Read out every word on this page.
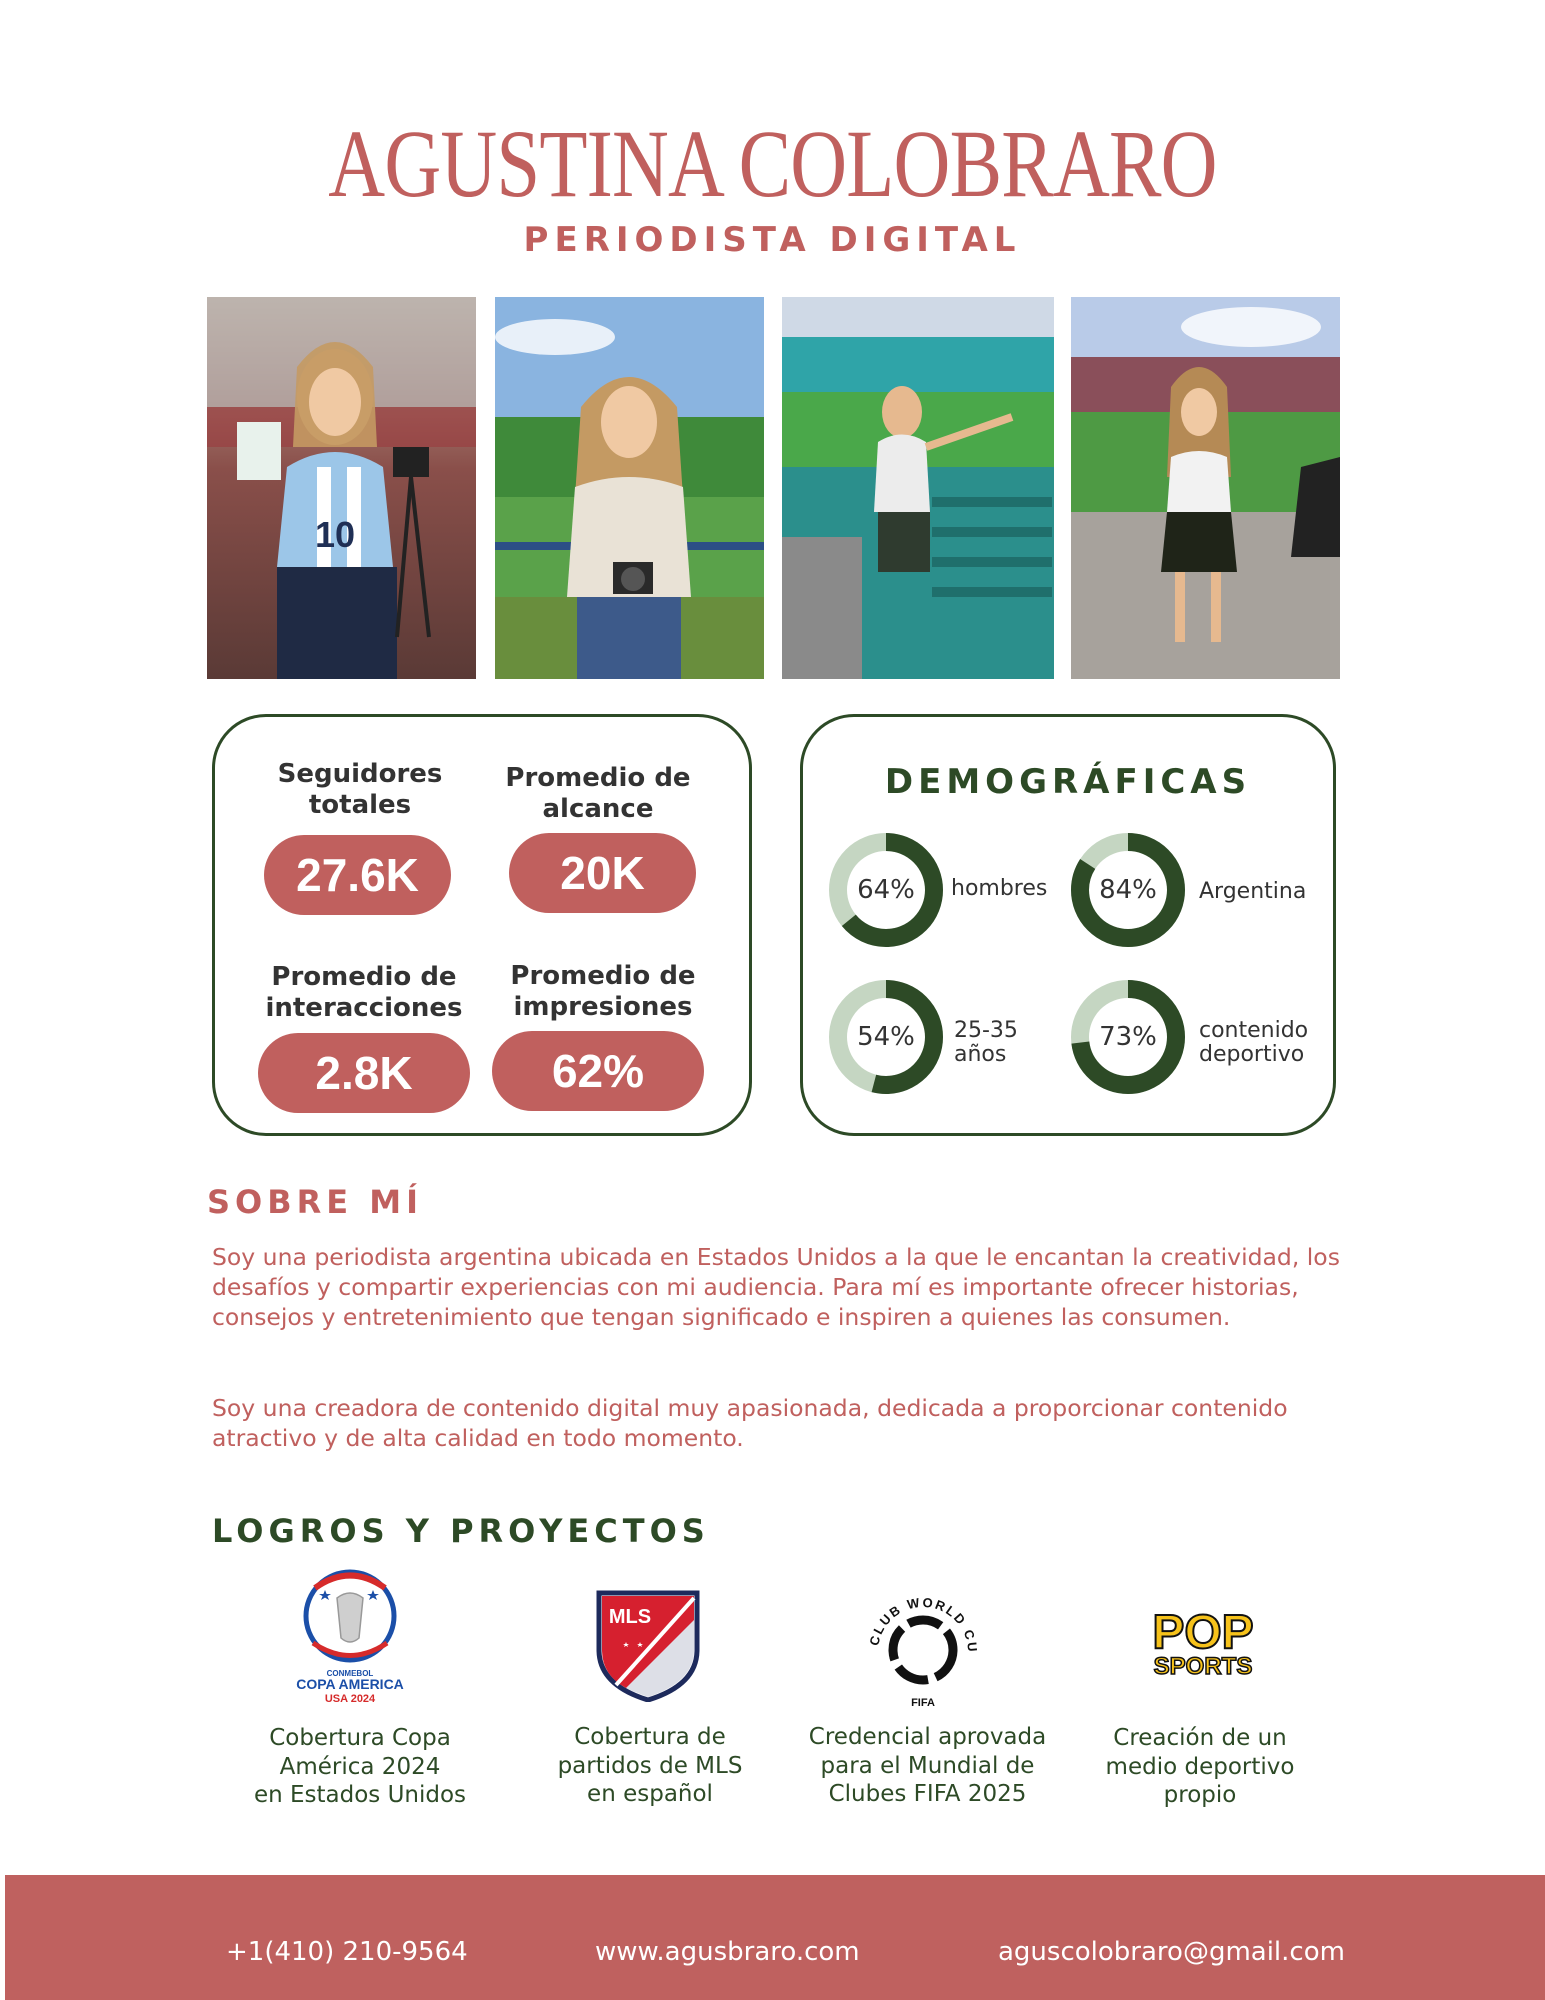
AGUSTINA COLOBRARO
PERIODISTA DIGITAL
10
Seguidores totales
27.6K
Promedio de alcance
20K
Promedio de interacciones
2.8K
Promedio de impresiones
62%
DEMOGRÁFICAS
64%	hombres	84%	Argentina
54%	25-35 años
73%	contenido deportivo
SOBRE MÍ

Soy una periodista argentina ubicada en Estados Unidos a la que le encantan la creatividad, los desafíos y compartir experiencias con mi audiencia. Para mí es importante ofrecer historias, consejos y entretenimiento que tengan significado e inspiren a quienes las consumen.

Soy una creadora de contenido digital muy apasionada, dedicada a proporcionar contenido atractivo y de alta calidad en todo momento.

LOGROS Y PROYECTOS
CONMEBOL
COPA AMERICA
USA 2024
MLS
CLUB WORLD CU
FIFA
POP
SPORTS
Cobertura Copa
América 2024
en Estados Unidos
Cobertura de
partidos de MLS
en español
Credencial aprovada
para el Mundial de
Clubes FIFA 2025
Creación de un
medio deportivo
propio
+1(410) 210-9564	www.agusbraro.com	aguscolobraro@gmail.com
